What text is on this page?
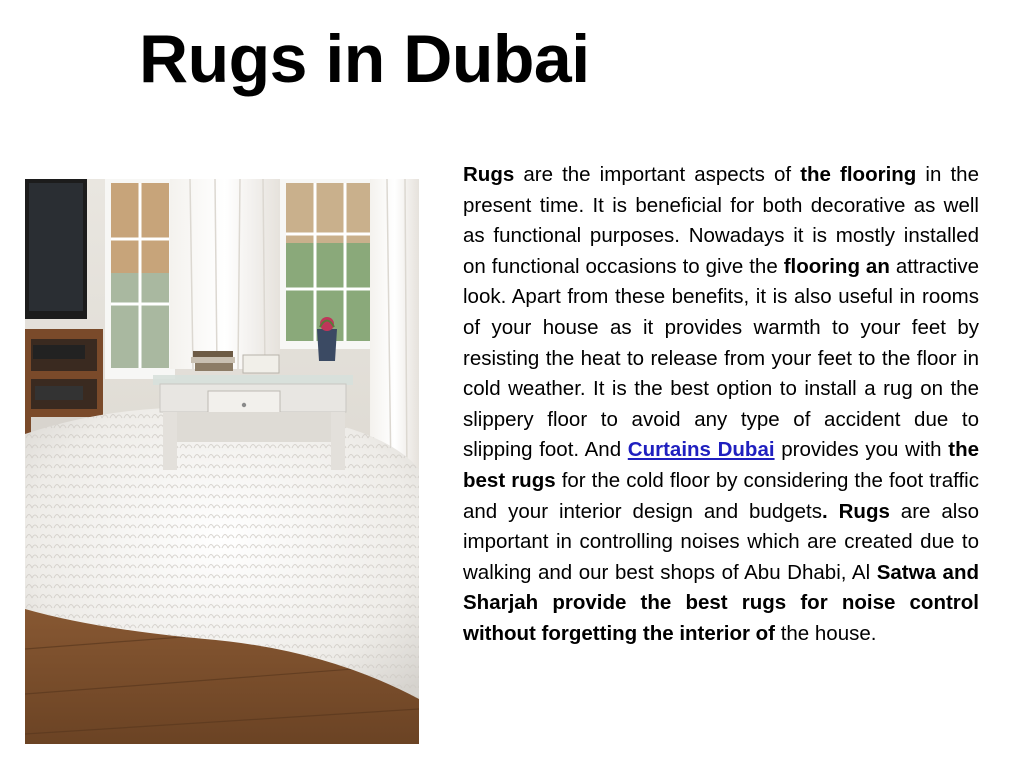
Rugs in Dubai

Rugs are the important aspects of the flooring in the present time. It is beneficial for both decorative as well as functional purposes. Nowadays it is mostly installed on functional occasions to give the flooring an attractive look. Apart from these benefits, it is also useful in rooms of your house as it provides warmth to your feet by resisting the heat to release from your feet to the floor in cold weather. It is the best option to install a rug on the slippery floor to avoid any type of accident due to slipping foot. And Curtains Dubai provides you with the best rugs for the cold floor by considering the foot traffic and your interior design and budgets. Rugs are also important in controlling noises which are created due to walking and our best shops of Abu Dhabi, Al Satwa and Sharjah provide the best rugs for noise control without forgetting the interior of the house.
